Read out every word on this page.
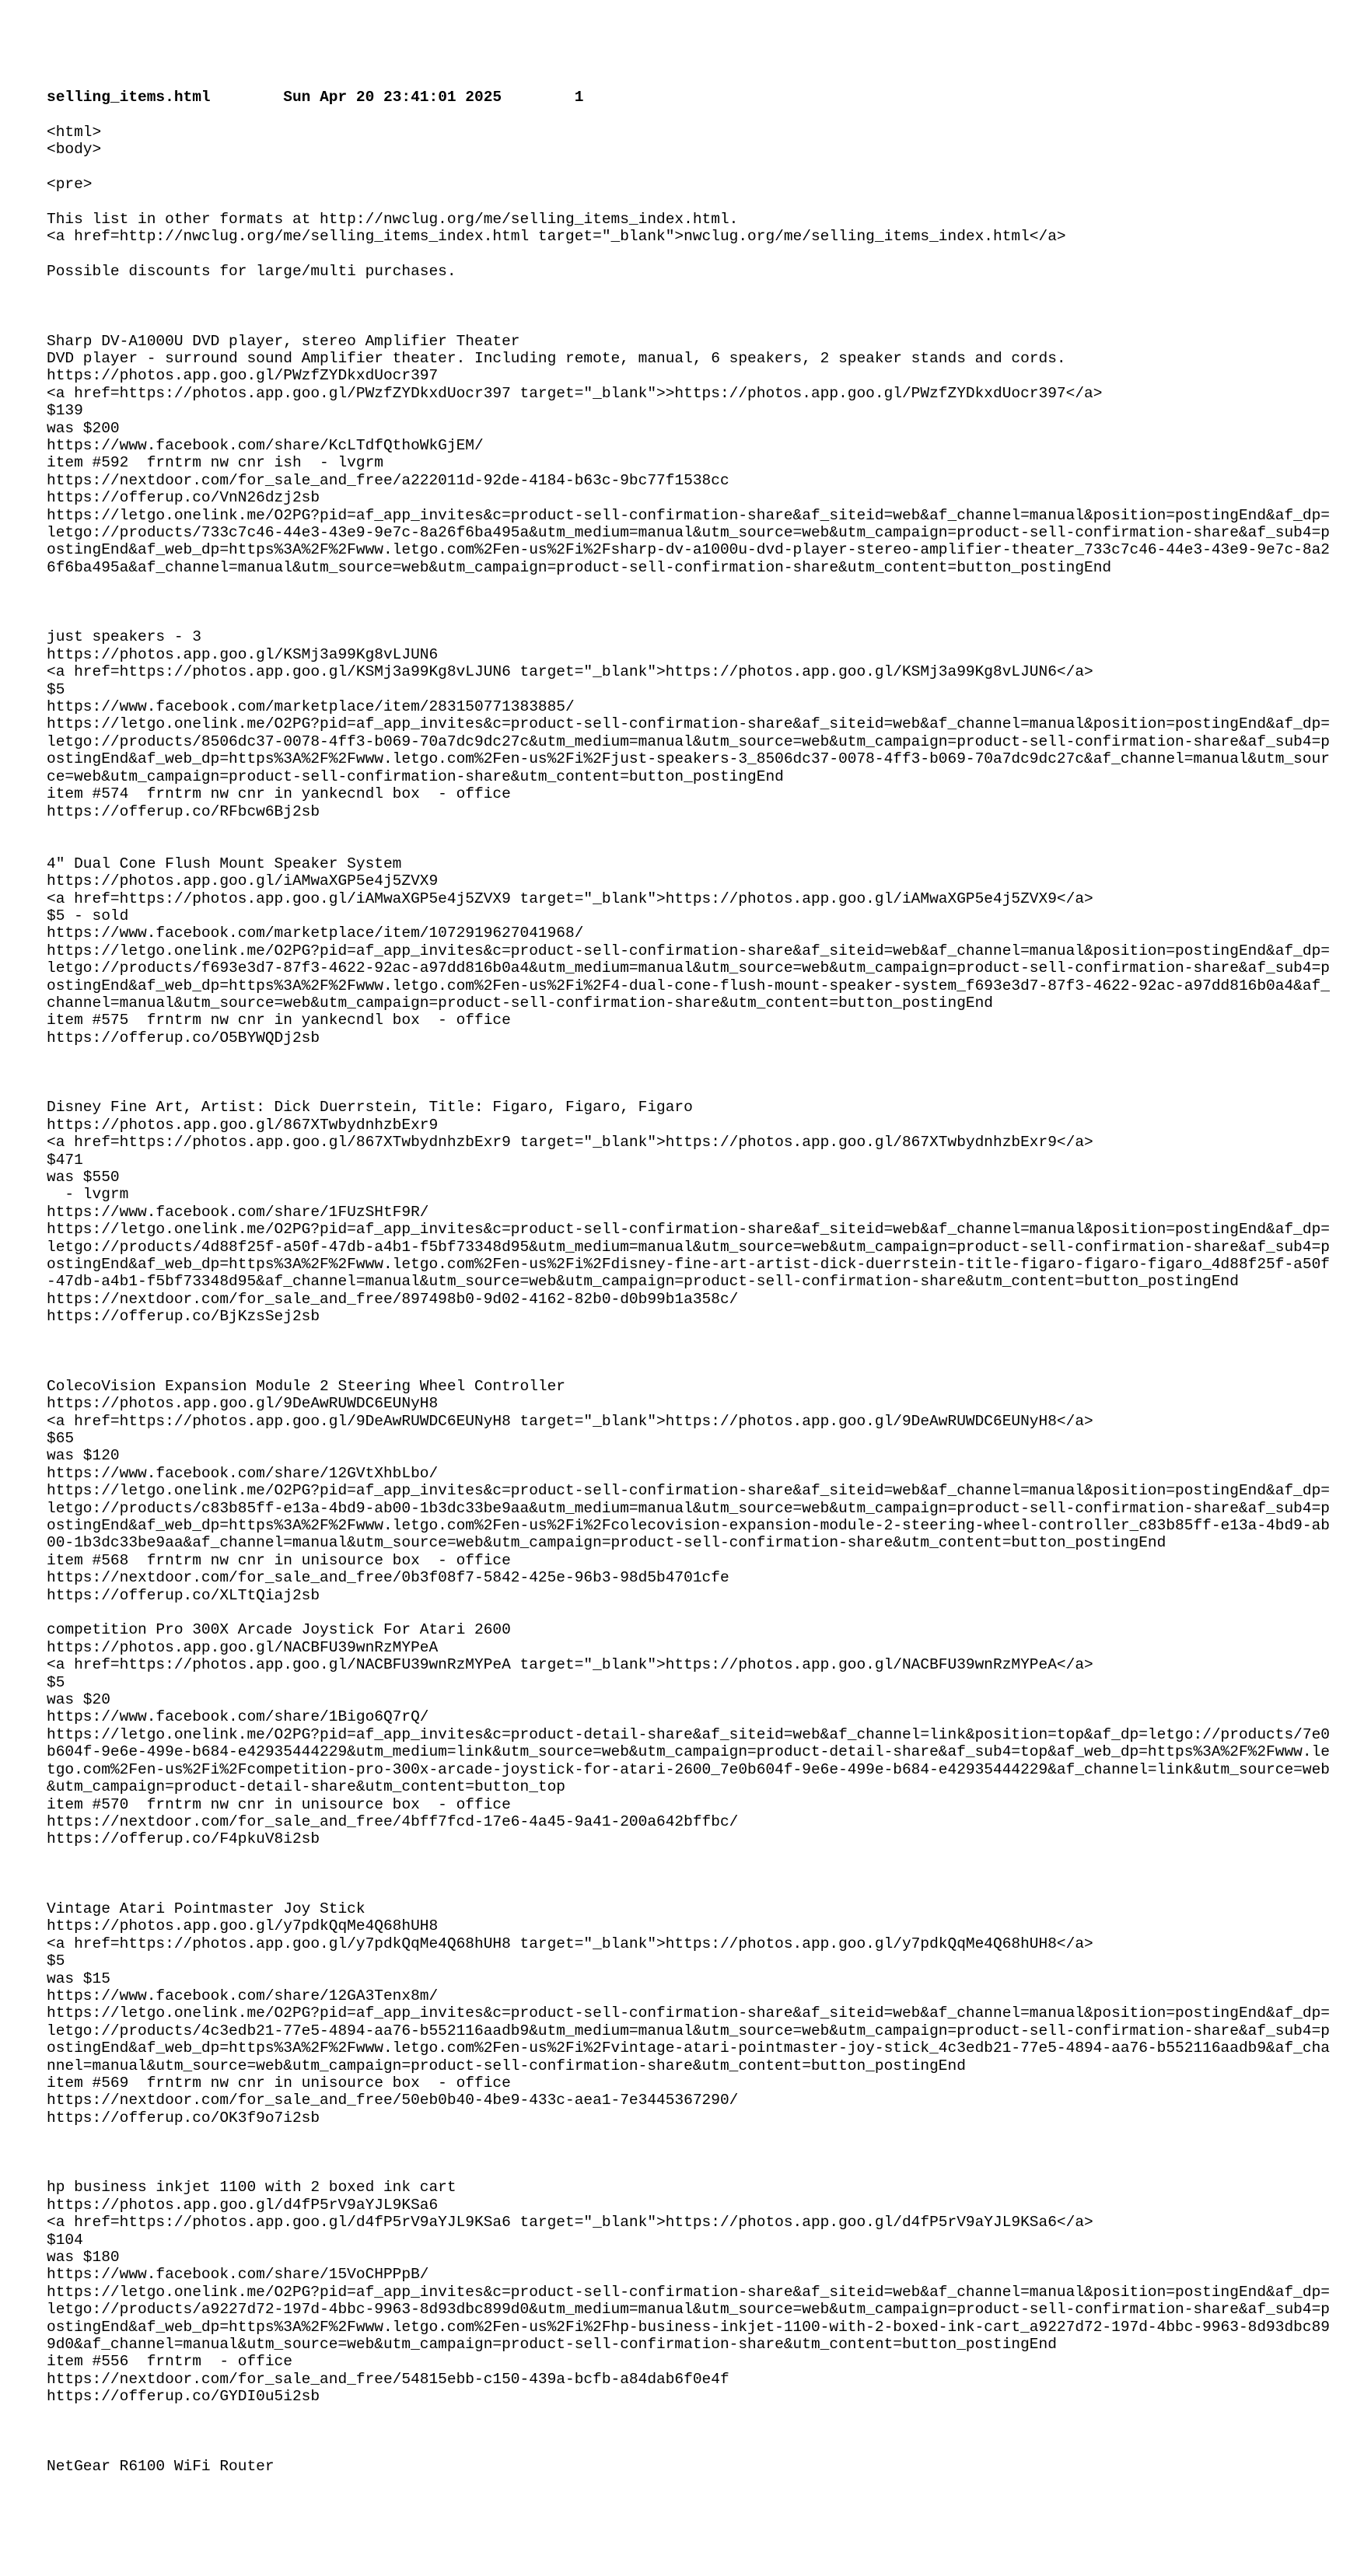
selling_items.html	Sun Apr 20 23:41:01 2025	1
<html>
<body>
<pre>
This list in other formats at http://nwclug.org/me/selling_items_index.html.
<a href=http://nwclug.org/me/selling_items_index.html target="_blank">nwclug.org/me/selling_items_index.html</a>
Possible discounts for large/multi purchases.
Sharp DV-A1000U DVD player, stereo Amplifier Theater
DVD player - surround sound Amplifier theater. Including remote, manual, 6 speakers, 2 speaker stands and cords.
https://photos.app.goo.gl/PWzfZYDkxdUocr397
<a href=https://photos.app.goo.gl/PWzfZYDkxdUocr397 target="_blank">>https://photos.app.goo.gl/PWzfZYDkxdUocr397</a>
$139
was $200
https://www.facebook.com/share/KcLTdfQthoWkGjEM/
item #592  frntrm nw cnr ish  - lvgrm
https://nextdoor.com/for_sale_and_free/a222011d-92de-4184-b63c-9bc77f1538cc
https://offerup.co/VnN26dzj2sb
https://letgo.onelink.me/O2PG?pid=af_app_invites&c=product-sell-confirmation-share&af_siteid=web&af_channel=manual&position=postingEnd&af_dp=letgo://products/733c7c46-44e3-43e9-9e7c-8a26f6ba495a&utm_medium=manual&utm_source=web&utm_campaign=product-sell-confirmation-share&af_sub4=postingEnd&af_web_dp=https%3A%2F%2Fwww.letgo.com%2Fen-us%2Fi%2Fsharp-dv-a1000u-dvd-player-stereo-amplifier-theater_733c7c46-44e3-43e9-9e7c-8a26f6ba495a&af_channel=manual&utm_source=web&utm_campaign=product-sell-confirmation-share&utm_content=button_postingEnd
just speakers - 3
https://photos.app.goo.gl/KSMj3a99Kg8vLJUN6
<a href=https://photos.app.goo.gl/KSMj3a99Kg8vLJUN6 target="_blank">https://photos.app.goo.gl/KSMj3a99Kg8vLJUN6</a>
$5
https://www.facebook.com/marketplace/item/283150771383885/
https://letgo.onelink.me/O2PG?pid=af_app_invites&c=product-sell-confirmation-share&af_siteid=web&af_channel=manual&position=postingEnd&af_dp=letgo://products/8506dc37-0078-4ff3-b069-70a7dc9dc27c&utm_medium=manual&utm_source=web&utm_campaign=product-sell-confirmation-share&af_sub4=postingEnd&af_web_dp=https%3A%2F%2Fwww.letgo.com%2Fen-us%2Fi%2Fjust-speakers-3_8506dc37-0078-4ff3-b069-70a7dc9dc27c&af_channel=manual&utm_source=web&utm_campaign=product-sell-confirmation-share&utm_content=button_postingEnd
item #574  frntrm nw cnr in yankecndl box  - office
https://offerup.co/RFbcw6Bj2sb
4" Dual Cone Flush Mount Speaker System
https://photos.app.goo.gl/iAMwaXGP5e4j5ZVX9
<a href=https://photos.app.goo.gl/iAMwaXGP5e4j5ZVX9 target="_blank">https://photos.app.goo.gl/iAMwaXGP5e4j5ZVX9</a>
$5 - sold
https://www.facebook.com/marketplace/item/1072919627041968/
https://letgo.onelink.me/O2PG?pid=af_app_invites&c=product-sell-confirmation-share&af_siteid=web&af_channel=manual&position=postingEnd&af_dp=letgo://products/f693e3d7-87f3-4622-92ac-a97dd816b0a4&utm_medium=manual&utm_source=web&utm_campaign=product-sell-confirmation-share&af_sub4=postingEnd&af_web_dp=https%3A%2F%2Fwww.letgo.com%2Fen-us%2Fi%2F4-dual-cone-flush-mount-speaker-system_f693e3d7-87f3-4622-92ac-a97dd816b0a4&af_channel=manual&utm_source=web&utm_campaign=product-sell-confirmation-share&utm_content=button_postingEnd
item #575  frntrm nw cnr in yankecndl box  - office
https://offerup.co/O5BYWQDj2sb
Disney Fine Art, Artist: Dick Duerrstein, Title: Figaro, Figaro, Figaro
https://photos.app.goo.gl/867XTwbydnhzbExr9
<a href=https://photos.app.goo.gl/867XTwbydnhzbExr9 target="_blank">https://photos.app.goo.gl/867XTwbydnhzbExr9</a>
$471
was $550
- lvgrm
https://www.facebook.com/share/1FUzSHtF9R/
https://letgo.onelink.me/O2PG?pid=af_app_invites&c=product-sell-confirmation-share&af_siteid=web&af_channel=manual&position=postingEnd&af_dp=letgo://products/4d88f25f-a50f-47db-a4b1-f5bf73348d95&utm_medium=manual&utm_source=web&utm_campaign=product-sell-confirmation-share&af_sub4=postingEnd&af_web_dp=https%3A%2F%2Fwww.letgo.com%2Fen-us%2Fi%2Fdisney-fine-art-artist-dick-duerrstein-title-figaro-figaro-figaro_4d88f25f-a50f-47db-a4b1-f5bf73348d95&af_channel=manual&utm_source=web&utm_campaign=product-sell-confirmation-share&utm_content=button_postingEnd
https://nextdoor.com/for_sale_and_free/897498b0-9d02-4162-82b0-d0b99b1a358c/
https://offerup.co/BjKzsSej2sb
ColecoVision Expansion Module 2 Steering Wheel Controller
https://photos.app.goo.gl/9DeAwRUWDC6EUNyH8
<a href=https://photos.app.goo.gl/9DeAwRUWDC6EUNyH8 target="_blank">https://photos.app.goo.gl/9DeAwRUWDC6EUNyH8</a>
$65
was $120
https://www.facebook.com/share/12GVtXhbLbo/
https://letgo.onelink.me/O2PG?pid=af_app_invites&c=product-sell-confirmation-share&af_siteid=web&af_channel=manual&position=postingEnd&af_dp=letgo://products/c83b85ff-e13a-4bd9-ab00-1b3dc33be9aa&utm_medium=manual&utm_source=web&utm_campaign=product-sell-confirmation-share&af_sub4=postingEnd&af_web_dp=https%3A%2F%2Fwww.letgo.com%2Fen-us%2Fi%2Fcolecovision-expansion-module-2-steering-wheel-controller_c83b85ff-e13a-4bd9-ab00-1b3dc33be9aa&af_channel=manual&utm_source=web&utm_campaign=product-sell-confirmation-share&utm_content=button_postingEnd
item #568  frntrm nw cnr in unisource box  - office
https://nextdoor.com/for_sale_and_free/0b3f08f7-5842-425e-96b3-98d5b4701cfe
https://offerup.co/XLTtQiaj2sb
competition Pro 300X Arcade Joystick For Atari 2600
https://photos.app.goo.gl/NACBFU39wnRzMYPeA
<a href=https://photos.app.goo.gl/NACBFU39wnRzMYPeA target="_blank">https://photos.app.goo.gl/NACBFU39wnRzMYPeA</a>
$5
was $20
https://www.facebook.com/share/1Bigo6Q7rQ/
https://letgo.onelink.me/O2PG?pid=af_app_invites&c=product-detail-share&af_siteid=web&af_channel=link&position=top&af_dp=letgo://products/7e0b604f-9e6e-499e-b684-e42935444229&utm_medium=link&utm_source=web&utm_campaign=product-detail-share&af_sub4=top&af_web_dp=https%3A%2F%2Fwww.letgo.com%2Fen-us%2Fi%2Fcompetition-pro-300x-arcade-joystick-for-atari-2600_7e0b604f-9e6e-499e-b684-e42935444229&af_channel=link&utm_source=web&utm_campaign=product-detail-share&utm_content=button_top
item #570  frntrm nw cnr in unisource box  - office
https://nextdoor.com/for_sale_and_free/4bff7fcd-17e6-4a45-9a41-200a642bffbc/
https://offerup.co/F4pkuV8i2sb
Vintage Atari Pointmaster Joy Stick
https://photos.app.goo.gl/y7pdkQqMe4Q68hUH8
<a href=https://photos.app.goo.gl/y7pdkQqMe4Q68hUH8 target="_blank">https://photos.app.goo.gl/y7pdkQqMe4Q68hUH8</a>
$5
was $15
https://www.facebook.com/share/12GA3Tenx8m/
https://letgo.onelink.me/O2PG?pid=af_app_invites&c=product-sell-confirmation-share&af_siteid=web&af_channel=manual&position=postingEnd&af_dp=letgo://products/4c3edb21-77e5-4894-aa76-b552116aadb9&utm_medium=manual&utm_source=web&utm_campaign=product-sell-confirmation-share&af_sub4=postingEnd&af_web_dp=https%3A%2F%2Fwww.letgo.com%2Fen-us%2Fi%2Fvintage-atari-pointmaster-joy-stick_4c3edb21-77e5-4894-aa76-b552116aadb9&af_channel=manual&utm_source=web&utm_campaign=product-sell-confirmation-share&utm_content=button_postingEnd
item #569  frntrm nw cnr in unisource box  - office
https://nextdoor.com/for_sale_and_free/50eb0b40-4be9-433c-aea1-7e3445367290/
https://offerup.co/OK3f9o7i2sb
hp business inkjet 1100 with 2 boxed ink cart
https://photos.app.goo.gl/d4fP5rV9aYJL9KSa6
<a href=https://photos.app.goo.gl/d4fP5rV9aYJL9KSa6 target="_blank">https://photos.app.goo.gl/d4fP5rV9aYJL9KSa6</a>
$104
was $180
https://www.facebook.com/share/15VoCHPPpB/
https://letgo.onelink.me/O2PG?pid=af_app_invites&c=product-sell-confirmation-share&af_siteid=web&af_channel=manual&position=postingEnd&af_dp=letgo://products/a9227d72-197d-4bbc-9963-8d93dbc899d0&utm_medium=manual&utm_source=web&utm_campaign=product-sell-confirmation-share&af_sub4=postingEnd&af_web_dp=https%3A%2F%2Fwww.letgo.com%2Fen-us%2Fi%2Fhp-business-inkjet-1100-with-2-boxed-ink-cart_a9227d72-197d-4bbc-9963-8d93dbc899d0&af_channel=manual&utm_source=web&utm_campaign=product-sell-confirmation-share&utm_content=button_postingEnd
item #556  frntrm  - office
https://nextdoor.com/for_sale_and_free/54815ebb-c150-439a-bcfb-a84dab6f0e4f
https://offerup.co/GYDI0u5i2sb
NetGear R6100 WiFi Router
